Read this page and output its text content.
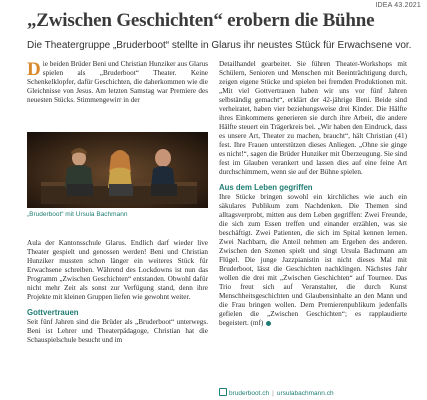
IDEA 43.2021
„Zwischen Geschichten“ erobern die Bühne

Die Theatergruppe „Bruderboot“ stellte in Glarus ihr neustes Stück für Erwachsene vor.

Die beiden Brüder Beni und Christian Hunziker aus Glarus spielen als „Bruderboot“ Theater. Keine Schenkelklopfer, dafür Geschichten, die daherkommen wie die Gleichnisse von Jesus. Am letzten Samstag war Premiere des neuesten Stücks. Stimmengewirr in der

„Bruderboot“ mit Ursula Bachmann

Aula der Kantonsschule Glarus. Endlich darf wieder live Theater gespielt und genossen werden! Beni und Christian Hunziker mussten schon länger ein weiteres Stück für Erwachsene schreiben. Während des Lockdowns ist nun das Programm „Zwischen Geschichten“ entstanden. Obwohl dafür nicht mehr Zeit als sonst zur Verfügung stand, denn ihre Projekte mit kleinen Gruppen liefen wie gewohnt weiter.

Gottvertrauen

Seit fünf Jahren sind die Brüder als „Bruderboot“ unterwegs. Beni ist Lehrer und Theaterpädagoge, Christian hat die Schauspielschule besucht und im

Detailhandel gearbeitet. Sie führen Theater-Workshops mit Schülern, Senioren und Menschen mit Beeinträchtigung durch, zeigen eigene Stücke und spielen bei fremden Produktionen mit. „Mit viel Gottvertrauen haben wir uns vor fünf Jahren selbständig gemacht“, erklärt der 42-jährige Beni. Beide sind verheiratet, haben vier beziehungsweise drei Kinder. Die Hälfte ihres Einkommens generieren sie durch ihre Arbeit, die andere Hälfte steuert ein Trägerkreis bei. „Wir haben den Eindruck, dass es unsere Art, Theater zu machen, braucht“, hält Christian (41) fest. Ihre Frauen unterstützen dieses Anliegen. „Ohne sie ginge es nicht!“, sagen die Brüder Hunziker mit Überzeugung. Sie sind fest im Glauben verankert und lassen dies auf eine feine Art durchschimmern, wenn sie auf der Bühne spielen.

Aus dem Leben gegriffen

Ihre Stücke bringen sowohl ein kirchliches wie auch ein säkulares Publikum zum Nachdenken. Die Themen sind alltagsverprobt, mitten aus dem Leben gegriffen: Zwei Freunde, die sich zum Essen treffen und einander erzählen, was sie beschäftigt. Zwei Patienten, die sich im Spital kennen lernen. Zwei Nachbarn, die Anteil nehmen am Ergehen des anderen. Zwischen den Szenen spielt und singt Ursula Bachmann am Flügel. Die junge Jazzpianistin ist nicht dieses Mal mit Bruderboot, lässt die Geschichten nachklingen. Nächstes Jahr wollen die drei mit „Zwischen Geschichten“ auf Tournee. Das Trio freut sich auf Veranstalter, die durch Kunst Menschheitsgeschichten und Glaubensinhalte an den Mann und die Frau bringen wollen. Dem Premierenpublikum jedenfalls gefielen die „Zwischen Geschichten“; es rapplaudierte begeistert. (mf)

bruderboot.ch | ursulabachmann.ch
